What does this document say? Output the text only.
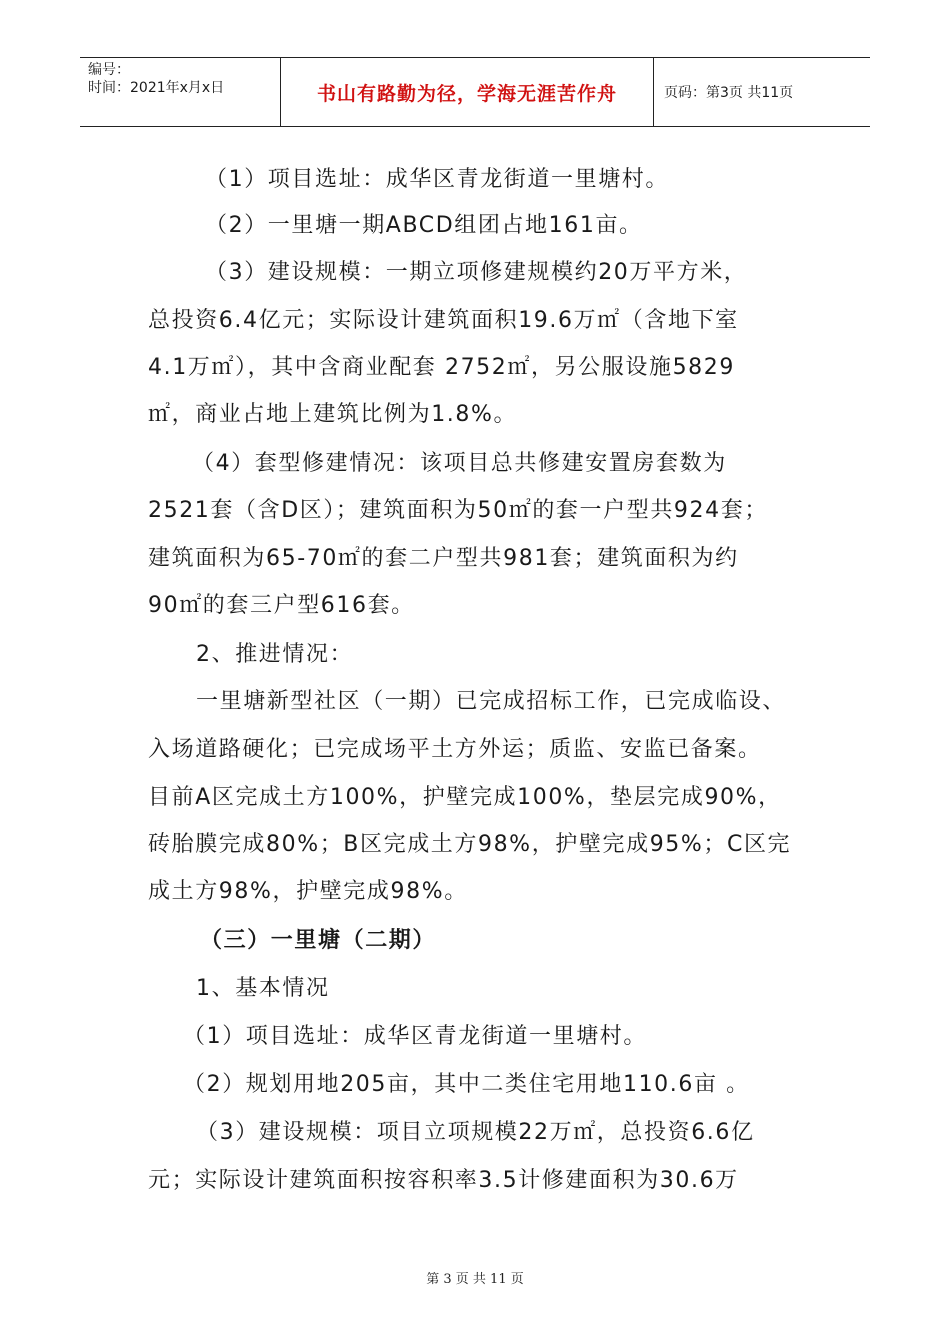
编号：
时间：2021年x月x日	书山有路勤为径，学海无涯苦作舟	页码：第3页 共11页
（1）项目选址：成华区青龙街道一里塘村。
（2）一里塘一期ABCD组团占地161亩。
（3）建设规模：一期立项修建规模约20万平方米，
总投资6.4亿元；实际设计建筑面积19.6万㎡（含地下室
4.1万㎡），其中含商业配套 2752㎡，另公服设施5829
㎡，商业占地上建筑比例为1.8%。
（4）套型修建情况：该项目总共修建安置房套数为
2521套（含D区）；建筑面积为50㎡的套一户型共924套；
建筑面积为65-70㎡的套二户型共981套；建筑面积为约
90㎡的套三户型616套。
2、推进情况：
一里塘新型社区（一期）已完成招标工作，已完成临设、
入场道路硬化；已完成场平土方外运；质监、安监已备案。
目前A区完成土方100%，护壁完成100%，垫层完成90%，
砖胎膜完成80%；B区完成土方98%，护壁完成95%；C区完
成土方98%，护壁完成98%。
（三）一里塘（二期）
1、基本情况
（1）项目选址：成华区青龙街道一里塘村。
（2）规划用地205亩，其中二类住宅用地110.6亩 。
（3）建设规模：项目立项规模22万㎡，总投资6.6亿
元；实际设计建筑面积按容积率3.5计修建面积为30.6万
第 3 页 共 11 页
